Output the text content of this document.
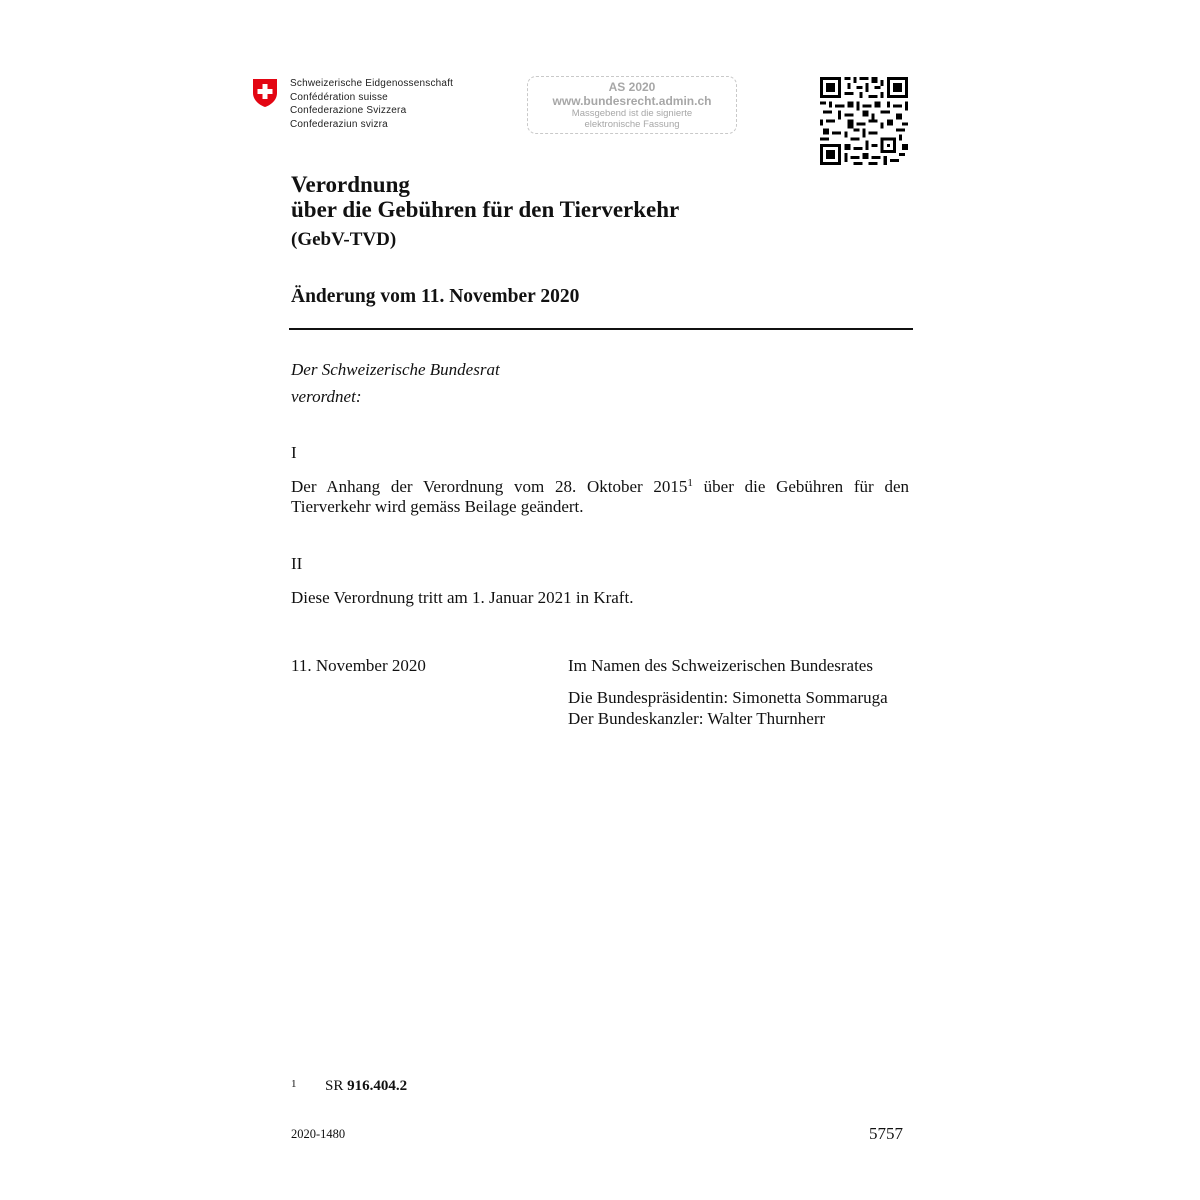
Schweizerische Eidgenossenschaft
Confédération suisse
Confederazione Svizzera
Confederaziun svizra
AS 2020
www.bundesrecht.admin.ch
Massgebend ist die signierte
elektronische Fassung
Verordnung
über die Gebühren für den Tierverkehr
(GebV-TVD)
Änderung vom 11. November 2020
Der Schweizerische Bundesrat
verordnet:
I
Der Anhang der Verordnung vom 28. Oktober 2015$^1$ über die Gebühren für den Tierverkehr wird gemäss Beilage geändert.
II
Diese Verordnung tritt am 1. Januar 2021 in Kraft.
11. November 2020	Im Namen des Schweizerischen Bundesrates
Die Bundespräsidentin: Simonetta Sommaruga
Der Bundeskanzler: Walter Thurnherr
1 SR 916.404.2
2020-1480	5757
